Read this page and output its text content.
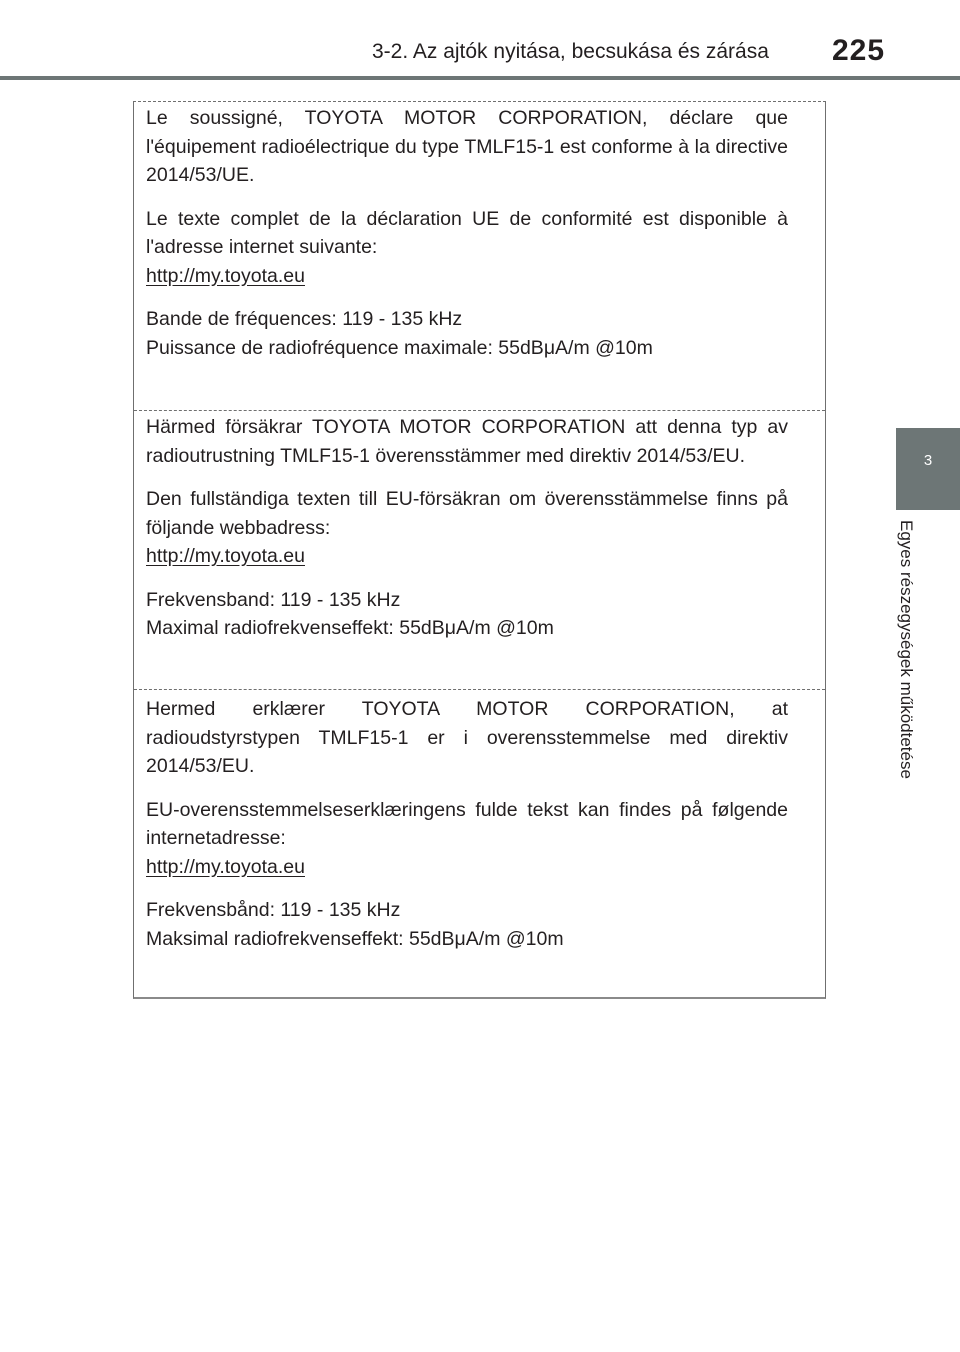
3-2. Az ajtók nyitása, becsukása és zárása 225
3
Egyes részegységek működtetése

Le soussigné, TOYOTA MOTOR CORPORATION, déclare que l'équipement radioélectrique du type TMLF15-1 est conforme à la directive 2014/53/UE.

Le texte complet de la déclaration UE de conformité est disponible à l'adresse internet suivante:
http://my.toyota.eu

Bande de fréquences: 119 - 135 kHz
Puissance de radiofréquence maximale: 55dBμA/m @10m

Härmed försäkrar TOYOTA MOTOR CORPORATION att denna typ av radioutrustning TMLF15-1 överensstämmer med direktiv 2014/53/EU.

Den fullständiga texten till EU-försäkran om överensstämmelse finns på följande webbadress:
http://my.toyota.eu

Frekvensband: 119 - 135 kHz
Maximal radiofrekvenseffekt: 55dBμA/m @10m

Hermed erklærer TOYOTA MOTOR CORPORATION, at radioudstyrstypen TMLF15-1 er i overensstemmelse med direktiv 2014/53/EU.

EU-overensstemmelseserklæringens fulde tekst kan findes på følgende internetadresse:
http://my.toyota.eu

Frekvensbånd: 119 - 135 kHz
Maksimal radiofrekvenseffekt: 55dBμA/m @10m
